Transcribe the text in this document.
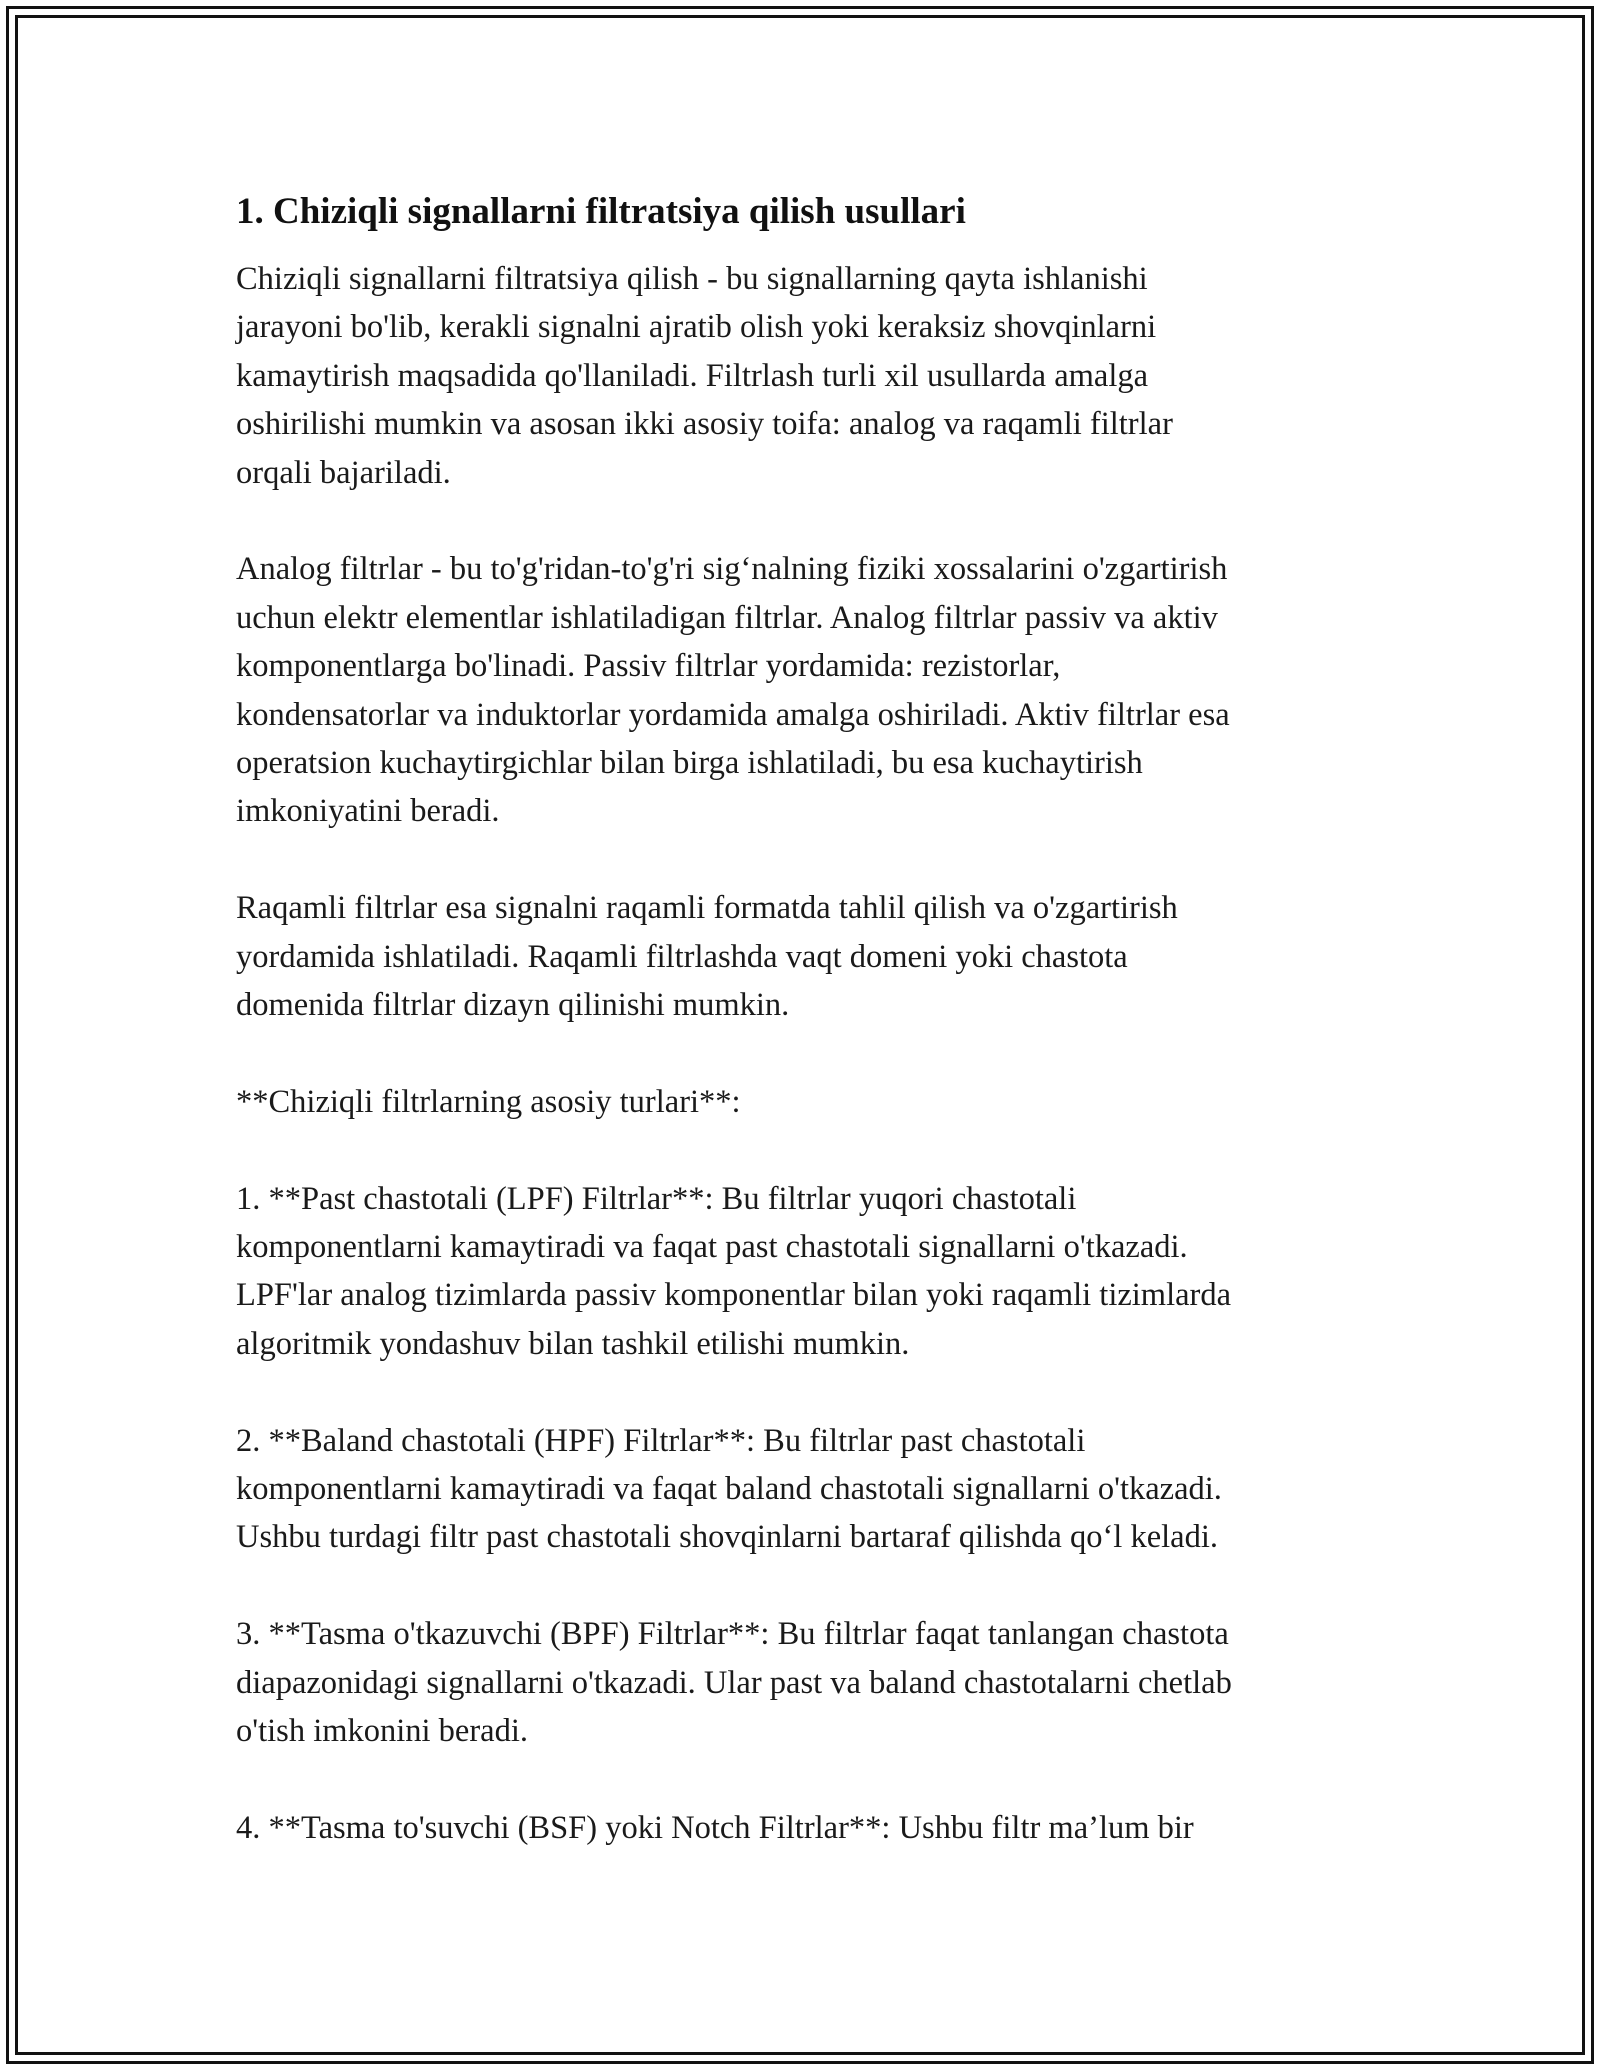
1. Chiziqli signallarni filtratsiya qilish usullari
Chiziqli signallarni filtratsiya qilish - bu signallarning qayta ishlanishi
jarayoni bo'lib, kerakli signalni ajratib olish yoki keraksiz shovqinlarni
kamaytirish maqsadida qo'llaniladi. Filtrlash turli xil usullarda amalga
oshirilishi mumkin va asosan ikki asosiy toifa: analog va raqamli filtrlar
orqali bajariladi.
Analog filtrlar - bu to'g'ridan-to'g'ri sig‘nalning fiziki xossalarini o'zgartirish
uchun elektr elementlar ishlatiladigan filtrlar. Analog filtrlar passiv va aktiv
komponentlarga bo'linadi. Passiv filtrlar yordamida: rezistorlar,
kondensatorlar va induktorlar yordamida amalga oshiriladi. Aktiv filtrlar esa
operatsion kuchaytirgichlar bilan birga ishlatiladi, bu esa kuchaytirish
imkoniyatini beradi.
Raqamli filtrlar esa signalni raqamli formatda tahlil qilish va o'zgartirish
yordamida ishlatiladi. Raqamli filtrlashda vaqt domeni yoki chastota
domenida filtrlar dizayn qilinishi mumkin.
**Chiziqli filtrlarning asosiy turlari**:
1. **Past chastotali (LPF) Filtrlar**: Bu filtrlar yuqori chastotali
komponentlarni kamaytiradi va faqat past chastotali signallarni o'tkazadi.
LPF'lar analog tizimlarda passiv komponentlar bilan yoki raqamli tizimlarda
algoritmik yondashuv bilan tashkil etilishi mumkin.
2. **Baland chastotali (HPF) Filtrlar**: Bu filtrlar past chastotali
komponentlarni kamaytiradi va faqat baland chastotali signallarni o'tkazadi.
Ushbu turdagi filtr past chastotali shovqinlarni bartaraf qilishda qo‘l keladi.
3. **Tasma o'tkazuvchi (BPF) Filtrlar**: Bu filtrlar faqat tanlangan chastota
diapazonidagi signallarni o'tkazadi. Ular past va baland chastotalarni chetlab
o'tish imkonini beradi.
4. **Tasma to'suvchi (BSF) yoki Notch Filtrlar**: Ushbu filtr ma’lum bir
